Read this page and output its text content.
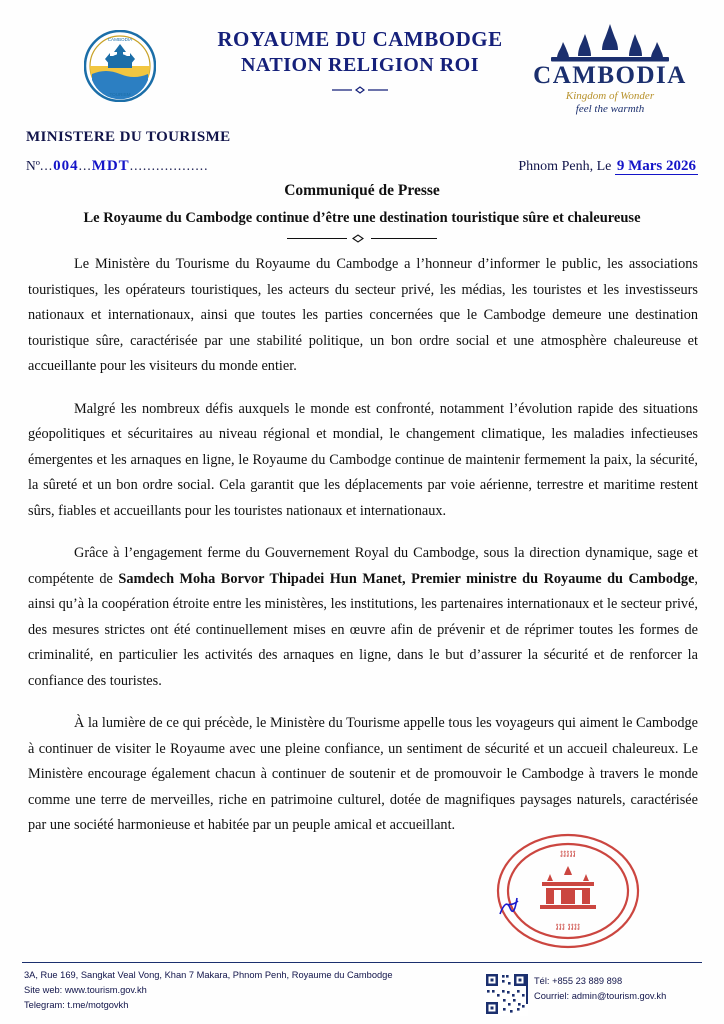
CAMBODIA
TOURISM
ROYAUME DU CAMBODGE
NATION RELIGION ROI	CAMBODIA
Kingdom of Wonder
feel the warmth
MINISTERE DU TOURISME
Nº...004...MDT..................	Phnom Penh, Le 9 Mars 2026
Communiqué de Presse
Le Royaume du Cambodge continue d’être une destination touristique sûre et chaleureuse

Le Ministère du Tourisme du Royaume du Cambodge a l’honneur d’informer le public, les associations touristiques, les opérateurs touristiques, les acteurs du secteur privé, les médias, les touristes et les investisseurs nationaux et internationaux, ainsi que toutes les parties concernées que le Cambodge demeure une destination touristique sûre, caractérisée par une stabilité politique, un bon ordre social et une atmosphère chaleureuse et accueillante pour les visiteurs du monde entier.

Malgré les nombreux défis auxquels le monde est confronté, notamment l’évolution rapide des situations géopolitiques et sécuritaires au niveau régional et mondial, le changement climatique, les maladies infectieuses émergentes et les arnaques en ligne, le Royaume du Cambodge continue de maintenir fermement la paix, la sécurité, la sûreté et un bon ordre social. Cela garantit que les déplacements par voie aérienne, terrestre et maritime restent sûrs, fiables et accueillants pour les touristes nationaux et internationaux.

Grâce à l’engagement ferme du Gouvernement Royal du Cambodge, sous la direction dynamique, sage et compétente de Samdech Moha Borvor Thipadei Hun Manet, Premier ministre du Royaume du Cambodge, ainsi qu’à la coopération étroite entre les ministères, les institutions, les partenaires internationaux et le secteur privé, des mesures strictes ont été continuellement mises en œuvre afin de prévenir et de réprimer toutes les formes de criminalité, en particulier les activités des arnaques en ligne, dans le but d’assurer la sécurité et de renforcer la confiance des touristes.

À la lumière de ce qui précède, le Ministère du Tourisme appelle tous les voyageurs qui aiment le Cambodge à continuer de visiter le Royaume avec une pleine confiance, un sentiment de sécurité et un accueil chaleureux. Le Ministère encourage également chacun à continuer de soutenir et de promouvoir le Cambodge à travers le monde comme une terre de merveilles, riche en patrimoine culturel, dotée de magnifiques paysages naturels, caractérisée par une société harmonieuse et habitée par un peuple amical et accueillant.

រររររ
រររ ររររ
3A, Rue 169, Sangkat Veal Vong, Khan 7 Makara, Phnom Penh, Royaume du Cambodge
Site web: www.tourism.gov.kh
Telegram: t.me/motgovkh
Tél: +855 23 889 898
Courriel: admin@tourism.gov.kh
